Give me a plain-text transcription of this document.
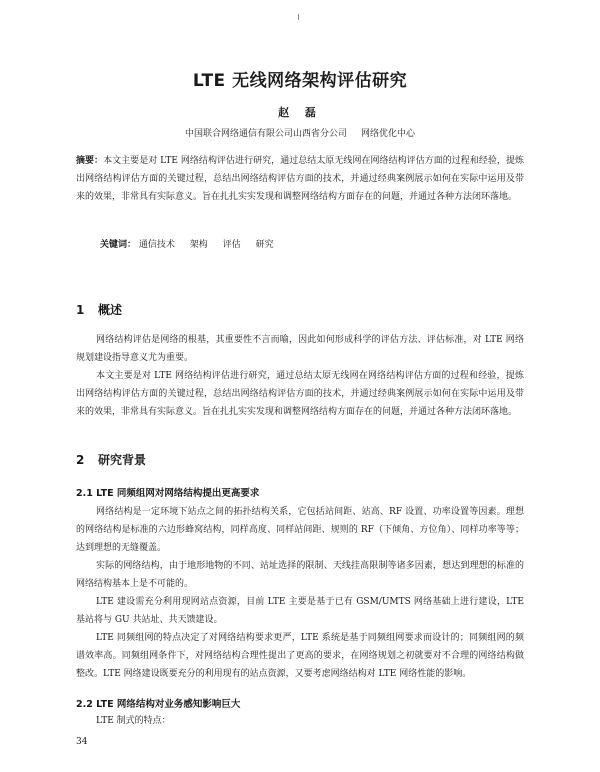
LTE 无线网络架构评估研究
赵 磊
中国联合网络通信有限公司山西省分公司 网络优化中心
摘要：本文主要是对 LTE 网络结构评估进行研究，通过总结太原无线网在网络结构评估方面的过程和经验，提炼出网络结构评估方面的关键过程，总结出网络结构评估方面的技术，并通过经典案例展示如何在实际中运用及带来的效果，非常具有实际意义。旨在扎扎实实发现和调整网络结构方面存在的问题，并通过各种方法闭环落地。
关键词： 通信技术 架构 评估 研究
1 概述
网络结构评估是网络的根基，其重要性不言而喻，因此如何形成科学的评估方法、评估标准，对 LTE 网络规划建设指导意义尤为重要。
本文主要是对 LTE 网络结构评估进行研究，通过总结太原无线网在网络结构评估方面的过程和经验，提炼出网络结构评估方面的关键过程，总结出网络结构评估方面的技术，并通过经典案例展示如何在实际中运用及带来的效果，非常具有实际意义。旨在扎扎实实发现和调整网络结构方面存在的问题，并通过各种方法闭环落地。
2 研究背景
2.1 LTE 同频组网对网络结构提出更高要求
网络结构是一定环境下站点之间的拓扑结构关系，它包括站间距、站高、RF 设置、功率设置等因素。理想的网络结构是标准的六边形蜂窝结构，同样高度、同样站间距、规则的 RF（下倾角、方位角）、同样功率等等；达到理想的无缝覆盖。
实际的网络结构，由于地形地物的不同、站址选择的限制、天线挂高限制等诸多因素，想达到理想的标准的网络结构基本上是不可能的。
LTE 建设需充分利用现网站点资源，目前 LTE 主要是基于已有 GSM/UMTS 网络基础上进行建设，LTE 基站将与 GU 共站址、共天馈建设。
LTE 同频组网的特点决定了对网络结构要求更严，LTE 系统是基于同频组网要求而设计的；同频组网的频谱效率高。同频组网条件下，对网络结构合理性提出了更高的要求，在网络规划之初就要对不合理的网络结构做整改。LTE 网络建设既要充分的利用现有的站点资源，又要考虑网络结构对 LTE 网络性能的影响。
2.2 LTE 网络结构对业务感知影响巨大
LTE 制式的特点：
34
